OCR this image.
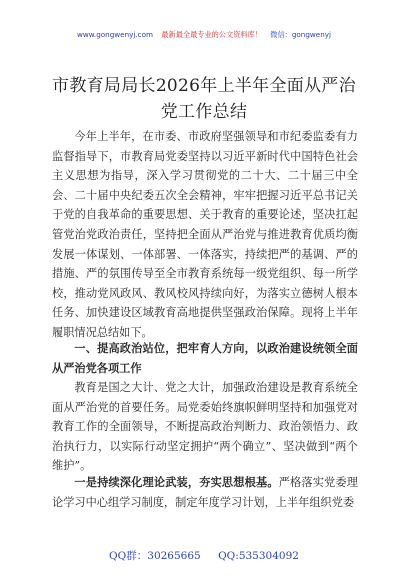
www.gongwenyj.com 最新最全最专业的公文资料库！ 微信：gongwenyj
市教育局局长2026年上半年全面从严治党工作总结

今年上半年，在市委、市政府坚强领导和市纪委监委有力监督指导下，市教育局党委坚持以习近平新时代中国特色社会主义思想为指导，深入学习贯彻党的二十大、二十届三中全会、二十届中央纪委五次全会精神，牢牢把握习近平总书记关于党的自我革命的重要思想、关于教育的重要论述，坚决扛起管党治党政治责任，坚持把全面从严治党与推进教育优质均衡发展一体谋划、一体部署、一体落实，持续把严的基调、严的措施、严的氛围传导至全市教育系统每一级党组织、每一所学校，推动党风政风、教风校风持续向好，为落实立德树人根本任务、加快建设区域教育高地提供坚强政治保障。现将上半年履职情况总结如下。

一、提高政治站位，把牢育人方向，以政治建设统领全面从严治党各项工作

教育是国之大计、党之大计，加强政治建设是教育系统全面从严治党的首要任务。局党委始终旗帜鲜明坚持和加强党对教育工作的全面领导，不断提高政治判断力、政治领悟力、政治执行力，以实际行动坚定拥护“两个确立”、坚决做到“两个维护”。

一是持续深化理论武装，夯实思想根基。严格落实党委理论学习中心组学习制度，制定年度学习计划，上半年组织党委

QQ群：30265665 QQ:535304092
